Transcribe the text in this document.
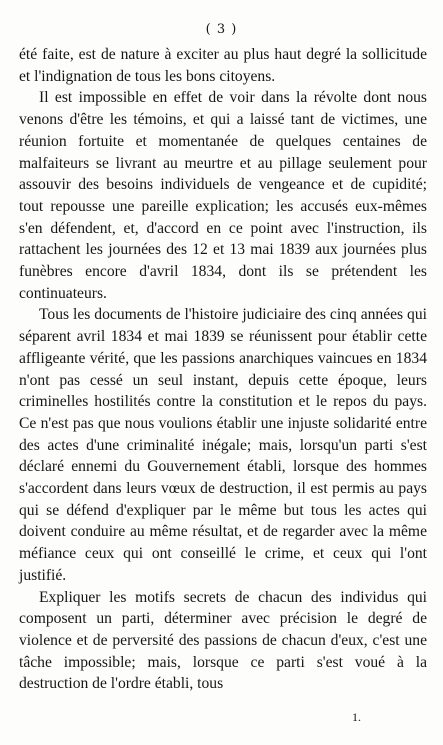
( 3 )

été faite, est de nature à exciter au plus haut degré la sollicitude et l'indignation de tous les bons citoyens.

Il est impossible en effet de voir dans la révolte dont nous venons d'être les témoins, et qui a laissé tant de victimes, une réunion fortuite et momentanée de quelques centaines de malfaiteurs se livrant au meurtre et au pillage seulement pour assouvir des besoins individuels de vengeance et de cupidité; tout repousse une pareille explication; les accusés eux-mêmes s'en défendent, et, d'accord en ce point avec l'instruction, ils rattachent les journées des 12 et 13 mai 1839 aux journées plus funèbres encore d'avril 1834, dont ils se prétendent les continuateurs.

Tous les documents de l'histoire judiciaire des cinq années qui séparent avril 1834 et mai 1839 se réunissent pour établir cette affligeante vérité, que les passions anarchiques vaincues en 1834 n'ont pas cessé un seul instant, depuis cette époque, leurs criminelles hostilités contre la constitution et le repos du pays. Ce n'est pas que nous voulions établir une injuste solidarité entre des actes d'une criminalité inégale; mais, lorsqu'un parti s'est déclaré ennemi du Gouvernement établi, lorsque des hommes s'accordent dans leurs vœux de destruction, il est permis au pays qui se défend d'expliquer par le même but tous les actes qui doivent conduire au même résultat, et de regarder avec la même méfiance ceux qui ont conseillé le crime, et ceux qui l'ont justifié.

Expliquer les motifs secrets de chacun des individus qui composent un parti, déterminer avec précision le degré de violence et de perversité des passions de chacun d'eux, c'est une tâche impossible; mais, lorsque ce parti s'est voué à la destruction de l'ordre établi, tous

1.
